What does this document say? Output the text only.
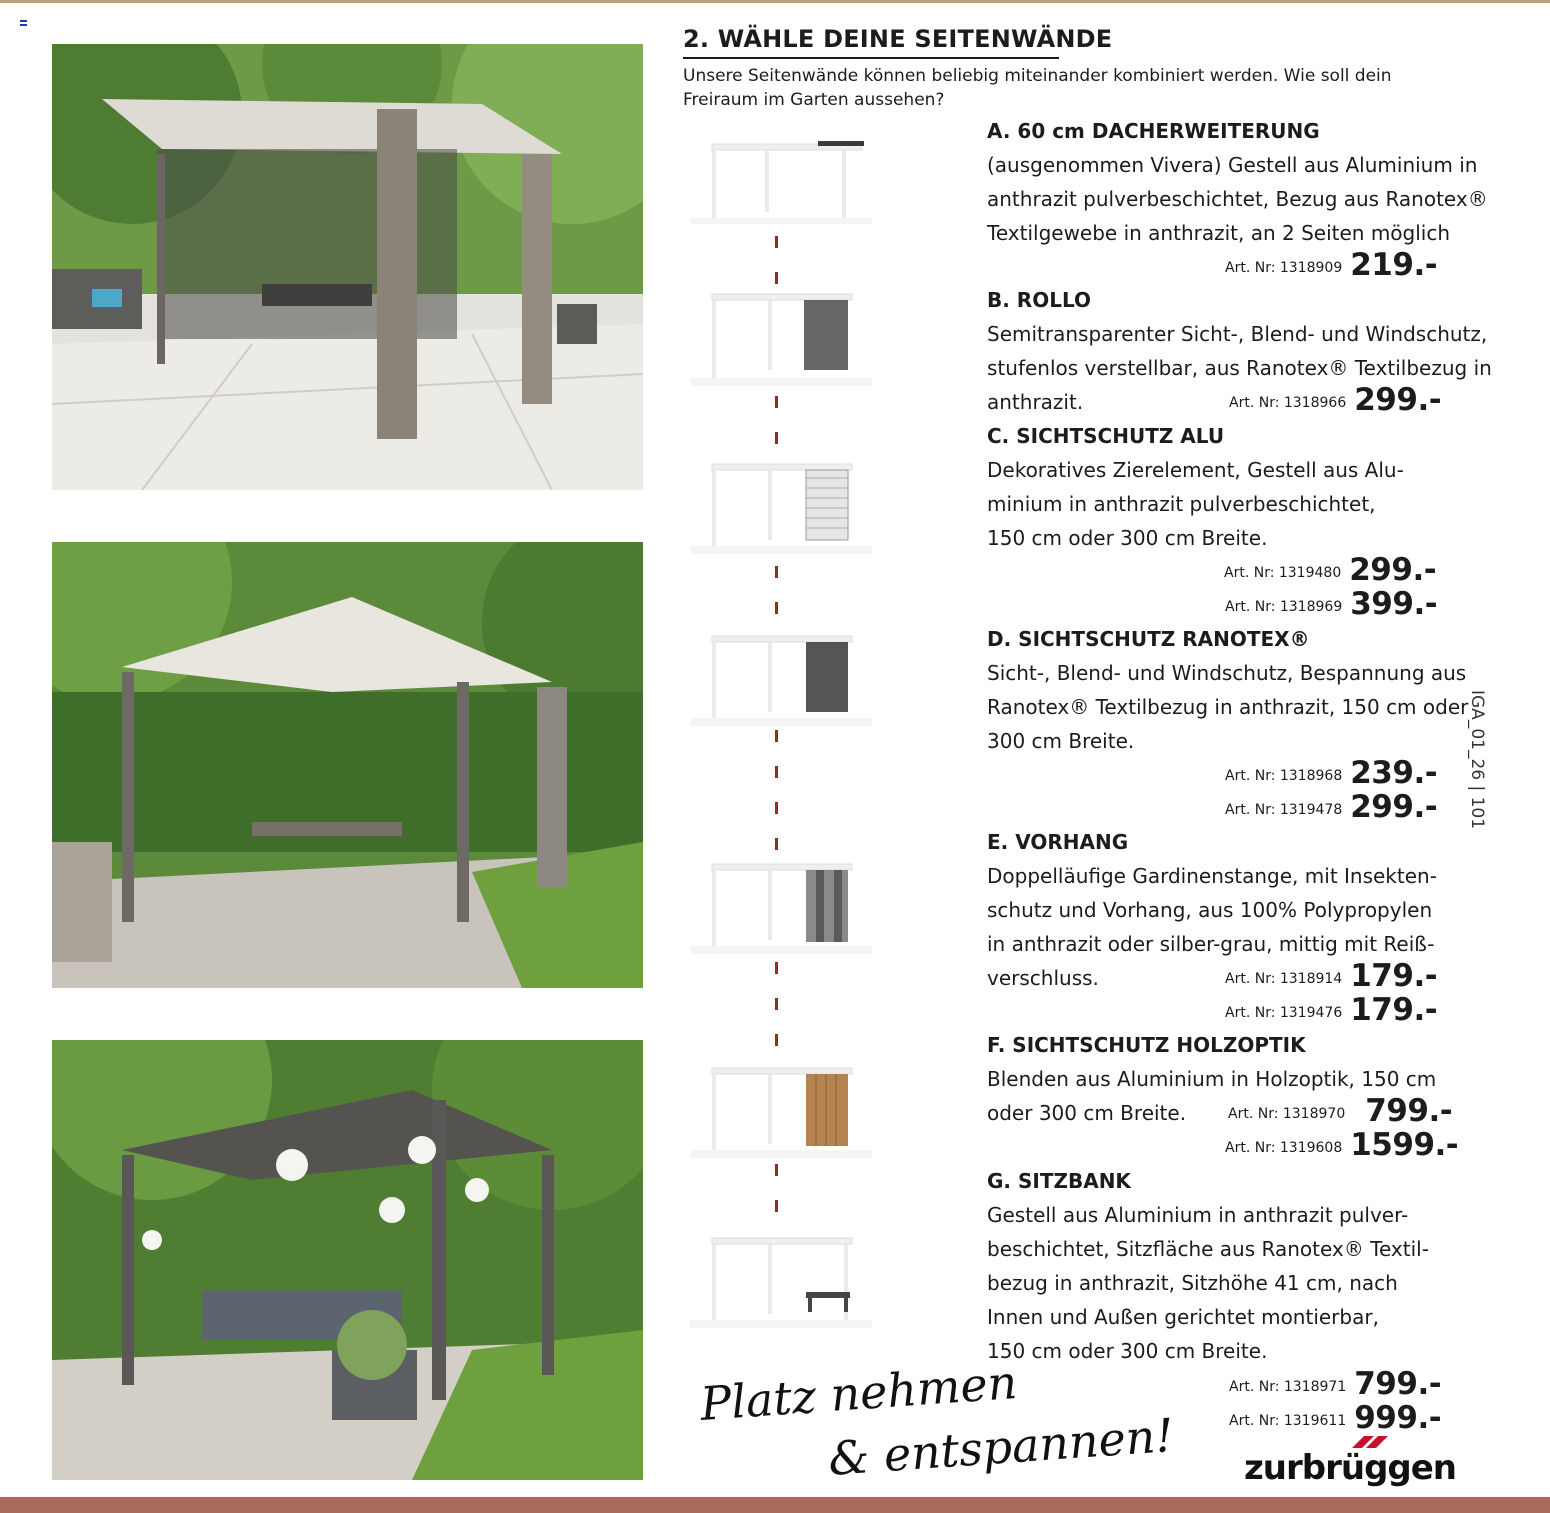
2. WÄHLE DEINE SEITENWÄNDE
Unsere Seitenwände können beliebig miteinander kombiniert werden. Wie soll dein Freiraum im Garten aussehen?
A. 60 cm DACHERWEITERUNG
(ausgenommen Vivera) Gestell aus Aluminium in
anthrazit pulverbeschichtet, Bezug aus Ranotex®
Textilgewebe in anthrazit, an 2 Seiten möglich
Art. Nr: 1318909 219.-
B. ROLLO
Semitransparenter Sicht-, Blend- und Windschutz,
stufenlos verstellbar, aus Ranotex® Textilbezug in
anthrazit.	Art. Nr: 1318966 299.-
C. SICHTSCHUTZ ALU
Dekoratives Zierelement, Gestell aus Alu-
minium in anthrazit pulverbeschichtet,
150 cm oder 300 cm Breite.
Art. Nr: 1319480 299.-
Art. Nr: 1318969 399.-
D. SICHTSCHUTZ RANOTEX®
Sicht-, Blend- und Windschutz, Bespannung aus
Ranotex® Textilbezug in anthrazit, 150 cm oder
300 cm Breite.
Art. Nr: 1318968 239.-
Art. Nr: 1319478 299.-
E. VORHANG
Doppelläufige Gardinenstange, mit Insekten-
schutz und Vorhang, aus 100% Polypropylen
in anthrazit oder silber-grau, mittig mit Reiß-
verschluss.	Art. Nr: 1318914 179.-
Art. Nr: 1319476 179.-
F. SICHTSCHUTZ HOLZOPTIK
Blenden aus Aluminium in Holzoptik, 150 cm
oder 300 cm Breite.	Art. Nr: 1318970 799.-
Art. Nr: 1319608 1599.-
G. SITZBANK
Gestell aus Aluminium in anthrazit pulver-
beschichtet, Sitzfläche aus Ranotex® Textil-
bezug in anthrazit, Sitzhöhe 41 cm, nach
Innen und Außen gerichtet montierbar,
150 cm oder 300 cm Breite.
Art. Nr: 1318971 799.-
Art. Nr: 1319611 999.-
IGA_01_26 | 101
Platz nehmen
& entspannen! zurbrüggen
